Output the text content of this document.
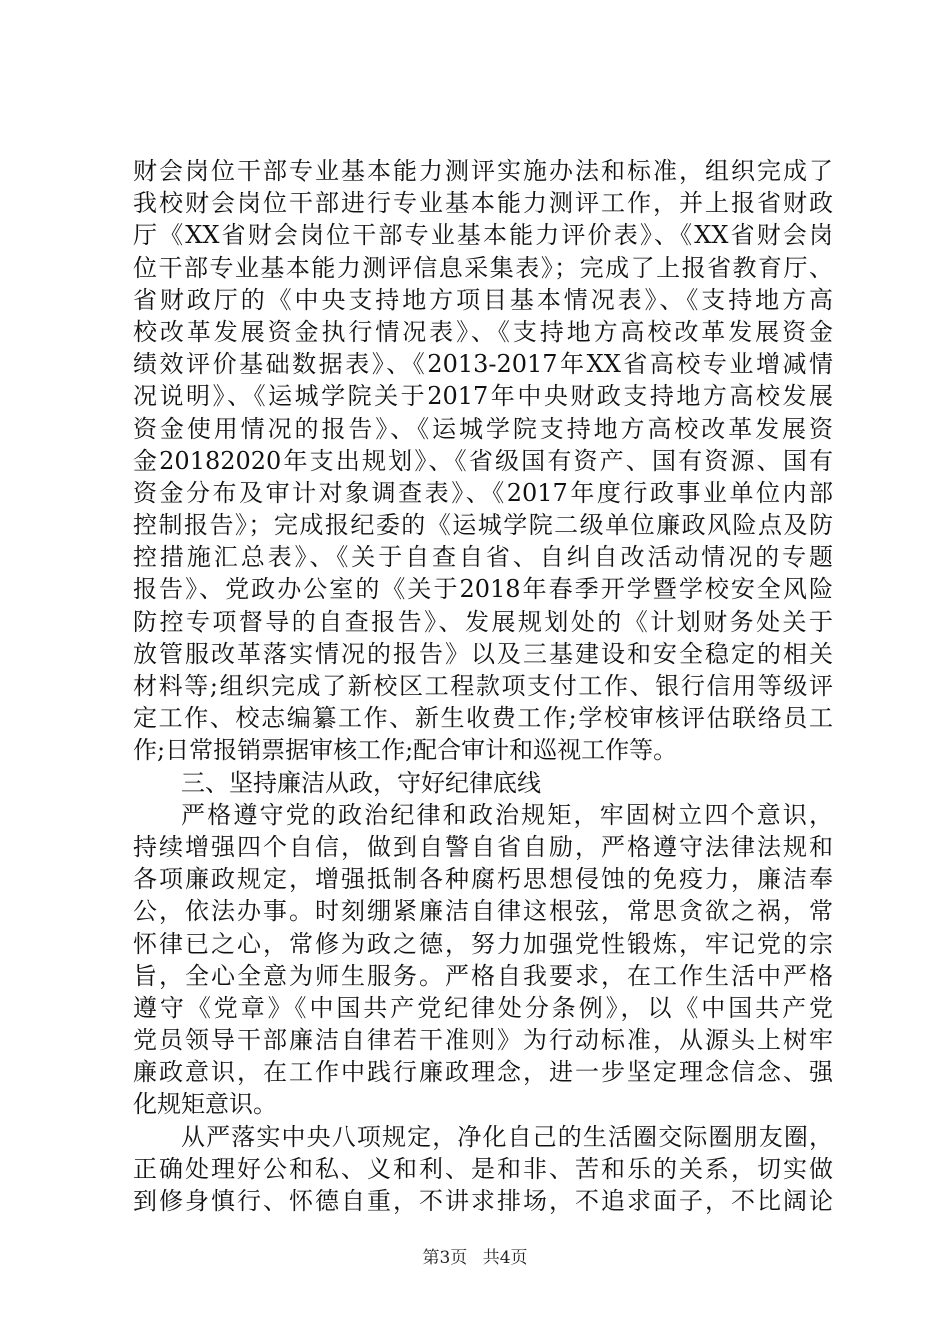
财会岗位干部专业基本能力测评实施办法和标准，组织完成了
我校财会岗位干部进行专业基本能力测评工作，并上报省财政
厅《XX省财会岗位干部专业基本能力评价表》、《XX省财会岗
位干部专业基本能力测评信息采集表》；完成了上报省教育厅、
省财政厅的《中央支持地方项目基本情况表》、《支持地方高
校改革发展资金执行情况表》、《支持地方高校改革发展资金
绩效评价基础数据表》、《2013-2017年XX省高校专业增减情
况说明》、《运城学院关于2017年中央财政支持地方高校发展
资金使用情况的报告》、《运城学院支持地方高校改革发展资
金20182020年支出规划》、《省级国有资产、国有资源、国有
资金分布及审计对象调查表》、《2017年度行政事业单位内部
控制报告》；完成报纪委的《运城学院二级单位廉政风险点及防
控措施汇总表》、《关于自查自省、自纠自改活动情况的专题
报告》、党政办公室的《关于2018年春季开学暨学校安全风险
防控专项督导的自查报告》、发展规划处的《计划财务处关于
放管服改革落实情况的报告》以及三基建设和安全稳定的相关
材料等;组织完成了新校区工程款项支付工作、银行信用等级评
定工作、校志编纂工作、新生收费工作;学校审核评估联络员工
作;日常报销票据审核工作;配合审计和巡视工作等。
三、坚持廉洁从政，守好纪律底线
严格遵守党的政治纪律和政治规矩，牢固树立四个意识，
持续增强四个自信，做到自警自省自励，严格遵守法律法规和
各项廉政规定，增强抵制各种腐朽思想侵蚀的免疫力，廉洁奉
公，依法办事。时刻绷紧廉洁自律这根弦，常思贪欲之祸，常
怀律已之心，常修为政之德，努力加强党性锻炼，牢记党的宗
旨，全心全意为师生服务。严格自我要求，在工作生活中严格
遵守《党章》《中国共产党纪律处分条例》，以《中国共产党
党员领导干部廉洁自律若干准则》为行动标准，从源头上树牢
廉政意识，在工作中践行廉政理念，进一步坚定理念信念、强
化规矩意识。
从严落实中央八项规定，净化自己的生活圈交际圈朋友圈，
正确处理好公和私、义和利、是和非、苦和乐的关系，切实做
到修身慎行、怀德自重，不讲求排场，不追求面子，不比阔论
第3页 共4页
